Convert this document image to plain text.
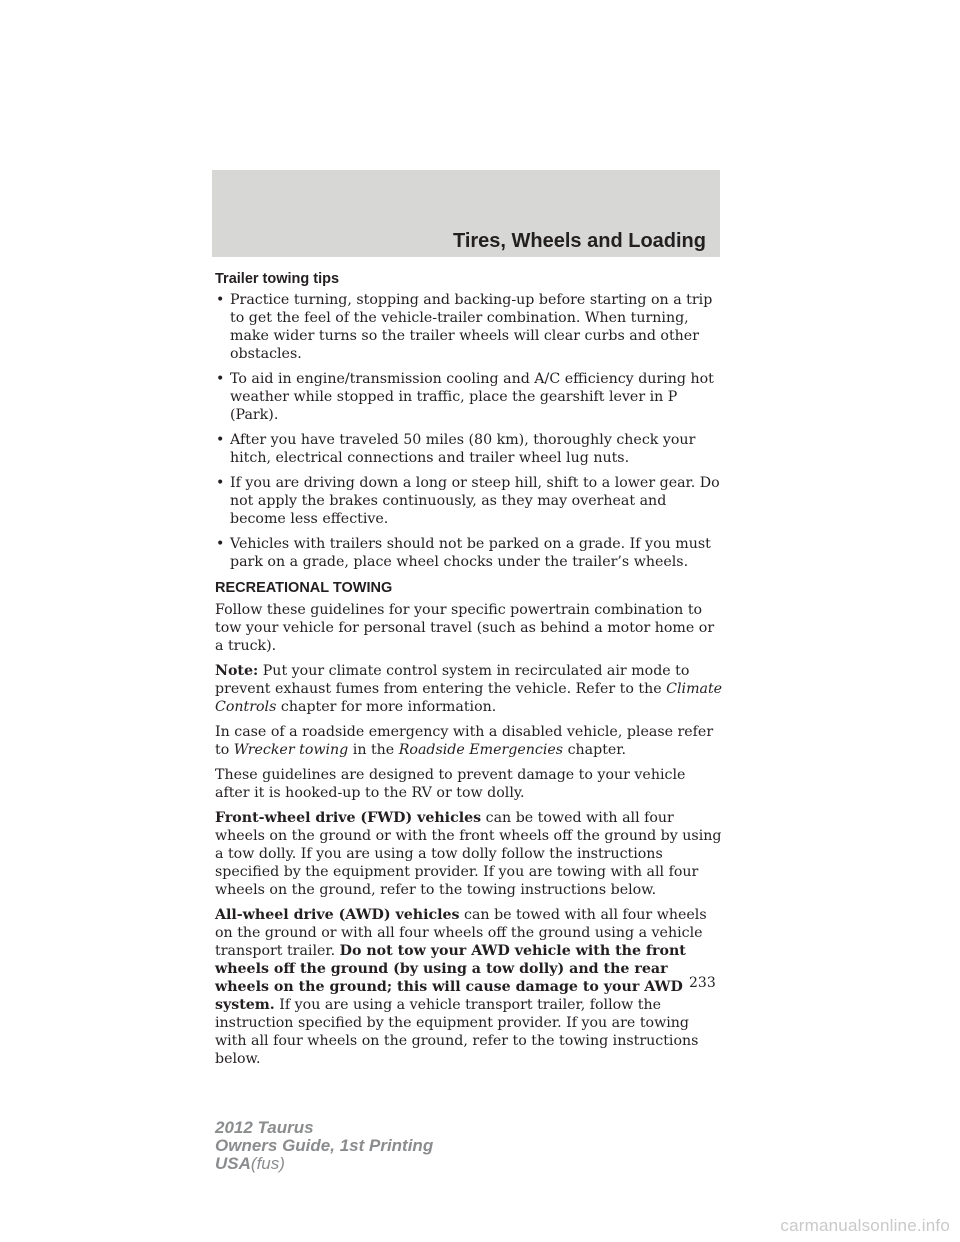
Tires, Wheels and Loading
Trailer towing tips
• Practice turning, stopping and backing-up before starting on a trip to get the feel of the vehicle-trailer combination. When turning, make wider turns so the trailer wheels will clear curbs and other obstacles.
• To aid in engine/transmission cooling and A/C efficiency during hot weather while stopped in traffic, place the gearshift lever in P (Park).
• After you have traveled 50 miles (80 km), thoroughly check your hitch, electrical connections and trailer wheel lug nuts.
• If you are driving down a long or steep hill, shift to a lower gear. Do not apply the brakes continuously, as they may overheat and become less effective.
• Vehicles with trailers should not be parked on a grade. If you must park on a grade, place wheel chocks under the trailer’s wheels.
RECREATIONAL TOWING

Follow these guidelines for your specific powertrain combination to tow your vehicle for personal travel (such as behind a motor home or a truck).

Note: Put your climate control system in recirculated air mode to prevent exhaust fumes from entering the vehicle. Refer to the Climate Controls chapter for more information.

In case of a roadside emergency with a disabled vehicle, please refer to Wrecker towing in the Roadside Emergencies chapter.

These guidelines are designed to prevent damage to your vehicle after it is hooked-up to the RV or tow dolly.

Front-wheel drive (FWD) vehicles can be towed with all four wheels on the ground or with the front wheels off the ground by using a tow dolly. If you are using a tow dolly follow the instructions specified by the equipment provider. If you are towing with all four wheels on the ground, refer to the towing instructions below.

All-wheel drive (AWD) vehicles can be towed with all four wheels on the ground or with all four wheels off the ground using a vehicle transport trailer. Do not tow your AWD vehicle with the front wheels off the ground (by using a tow dolly) and the rear wheels on the ground; this will cause damage to your AWD system. If you are using a vehicle transport trailer, follow the instruction specified by the equipment provider. If you are towing with all four wheels on the ground, refer to the towing instructions below.

233
2012 Taurus
Owners Guide, 1st Printing
USA(fus)
carmanualsonline.info
